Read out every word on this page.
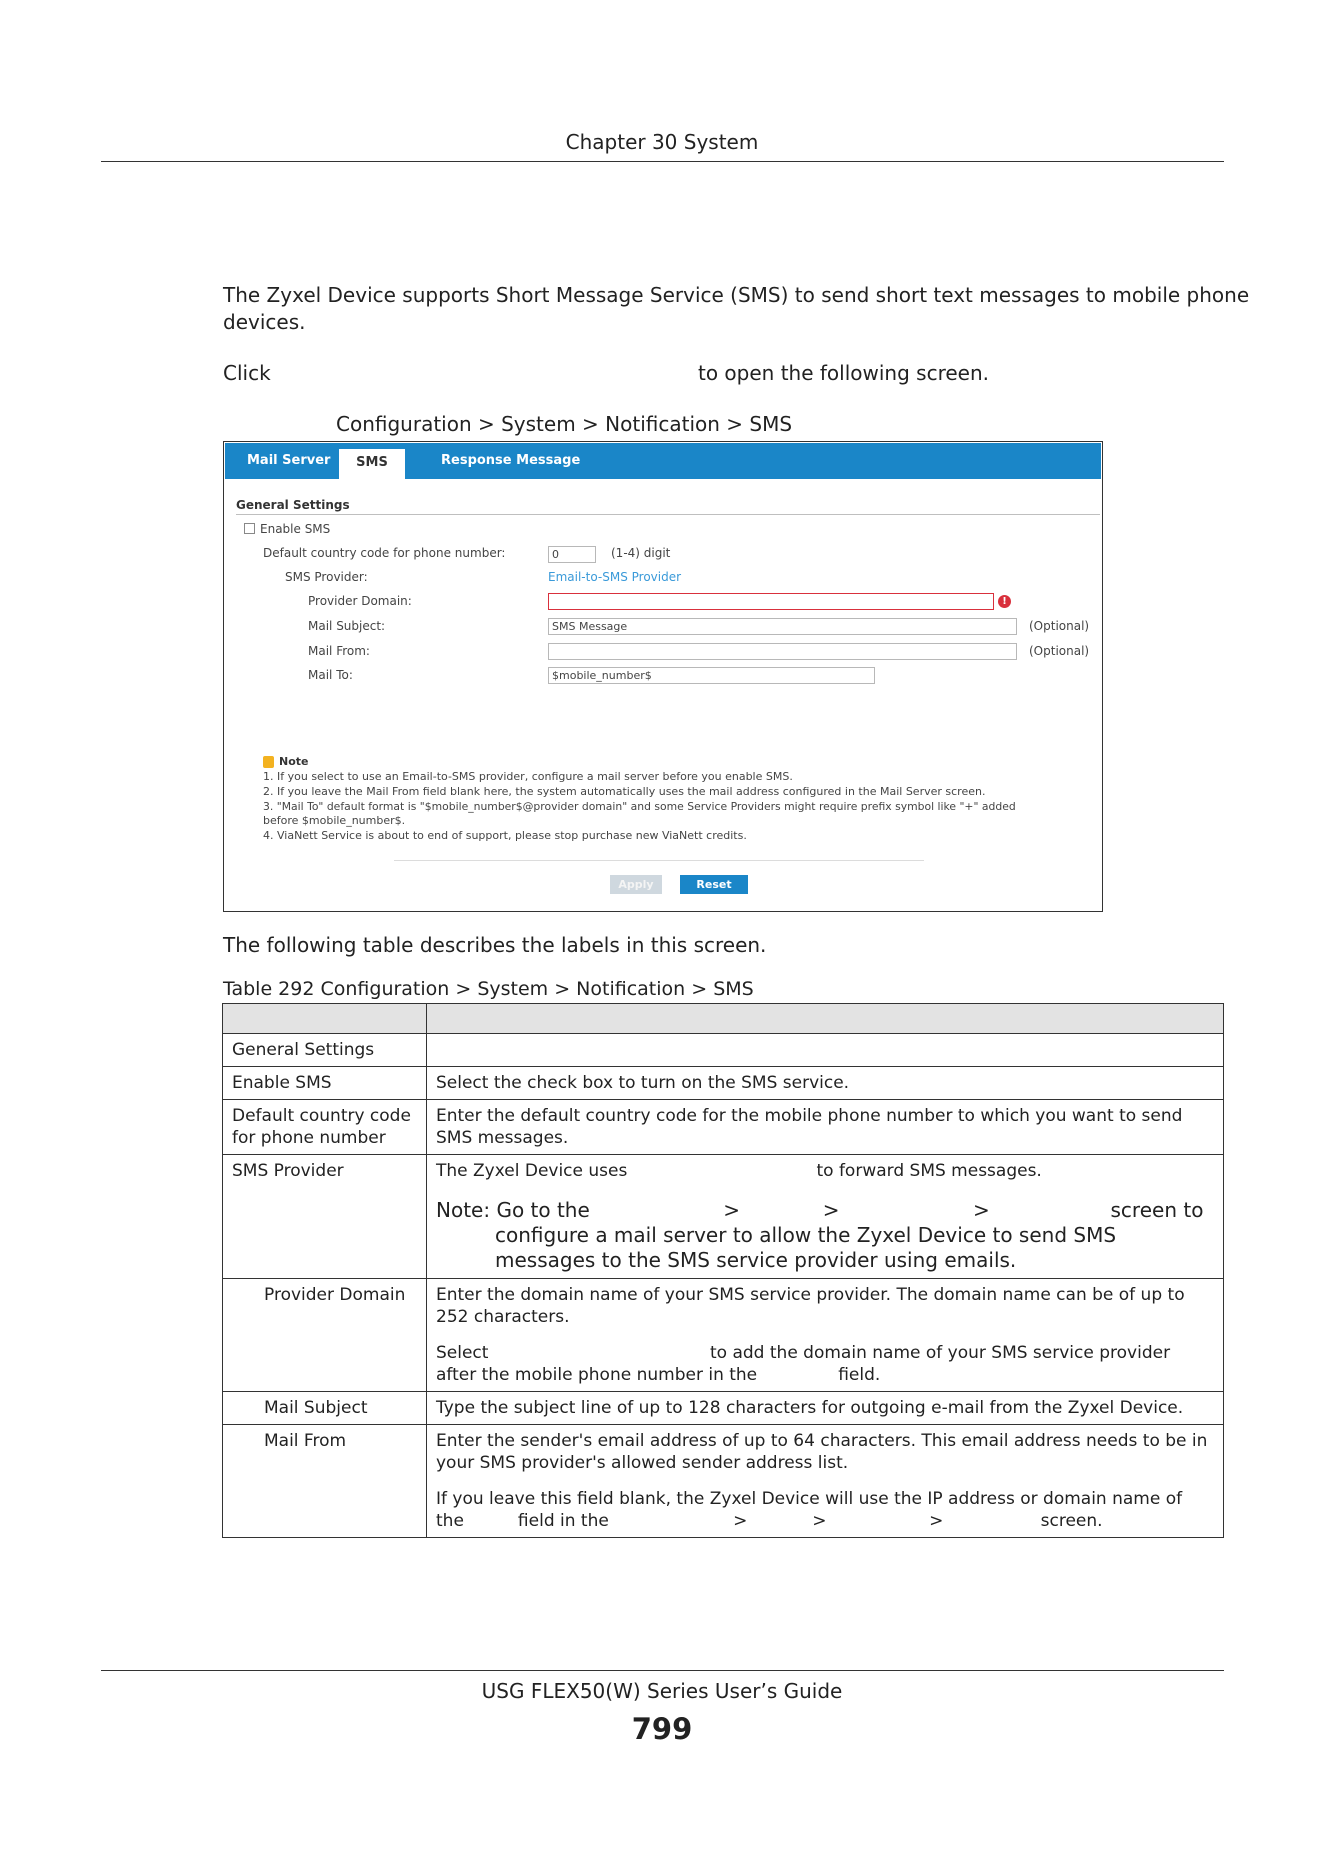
Chapter 30 System
The Zyxel Device supports Short Message Service (SMS) to send short text messages to mobile phone
devices.
Click	to open the following screen.
Configuration > System > Notification > SMS
Mail Server	SMS	Response Message
General Settings
Enable SMS
Default country code for phone number:	0	(1-4) digit
SMS Provider:	Email-to-SMS Provider
Provider Domain:	!
Mail Subject:	SMS Message	(Optional)
Mail From:	(Optional)
Mail To:	$mobile_number$
Note
1. If you select to use an Email-to-SMS provider, configure a mail server before you enable SMS.
2. If you leave the Mail From field blank here, the system automatically uses the mail address configured in the Mail Server screen.
3. "Mail To" default format is "$mobile_number$@provider domain" and some Service Providers might require prefix symbol like "+" added
before $mobile_number$.
4. ViaNett Service is about to end of support, please stop purchase new ViaNett credits.
Apply	Reset
The following table describes the labels in this screen.
Table 292 Configuration > System > Notification > SMS

General Settings	
Enable SMS	Select the check box to turn on the SMS service.
Default country code for phone number	Enter the default country code for the mobile phone number to which you want to send SMS messages.
SMS Provider	The Zyxel Device uses                                   to forward SMS messages.

Note: Go to the                     >             >                     >                   screen to configure a mail server to allow the Zyxel Device to send SMS messages to the SMS service provider using emails.

Provider Domain	Enter the domain name of your SMS service provider. The domain name can be of up to 252 characters.

Select                                         to add the domain name of your SMS service provider after the mobile phone number in the               field.

Mail Subject	Type the subject line of up to 128 characters for outgoing e-mail from the Zyxel Device.
Mail From	Enter the sender's email address of up to 64 characters. This email address needs to be in your SMS provider's allowed sender address list.

If you leave this field blank, the Zyxel Device will use the IP address or domain name of the          field in the                       >            >                   >                  screen.

USG FLEX50(W) Series User’s Guide
799
